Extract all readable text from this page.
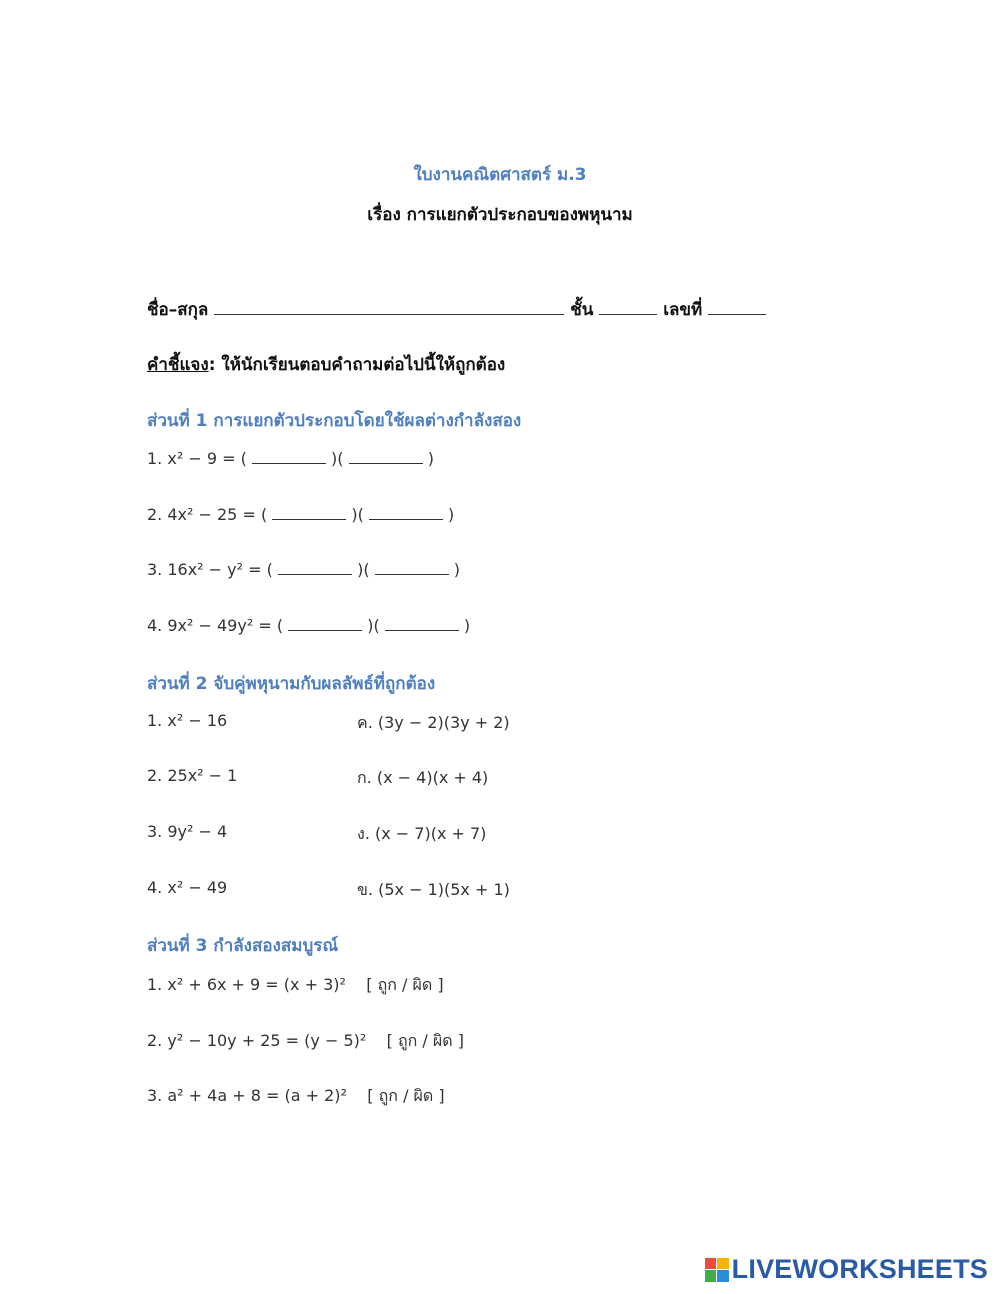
ใบงานคณิตศาสตร์ ม.3
เรื่อง การแยกตัวประกอบของพหุนาม
ชื่อ–สกุล	ชั้น	เลขที่
คำชี้แจง: ให้นักเรียนตอบคำถามต่อไปนี้ให้ถูกต้อง
ส่วนที่ 1 การแยกตัวประกอบโดยใช้ผลต่างกำลังสอง
1. x² − 9 = (	)(	)
2. 4x² − 25 = (	)(	)
3. 16x² − y² = (	)(	)
4. 9x² − 49y² = (	)(	)
ส่วนที่ 2 จับคู่พหุนามกับผลลัพธ์ที่ถูกต้อง
1. x² − 16	ค. (3y − 2)(3y + 2)
2. 25x² − 1	ก. (x − 4)(x + 4)
3. 9y² − 4	ง. (x − 7)(x + 7)
4. x² − 49	ข. (5x − 1)(5x + 1)
ส่วนที่ 3 กำลังสองสมบูรณ์
1. x² + 6x + 9 = (x + 3)² [ ถูก / ผิด ]
2. y² − 10y + 25 = (y − 5)² [ ถูก / ผิด ]
3. a² + 4a + 8 = (a + 2)² [ ถูก / ผิด ]
LIVEWORKSHEETS
